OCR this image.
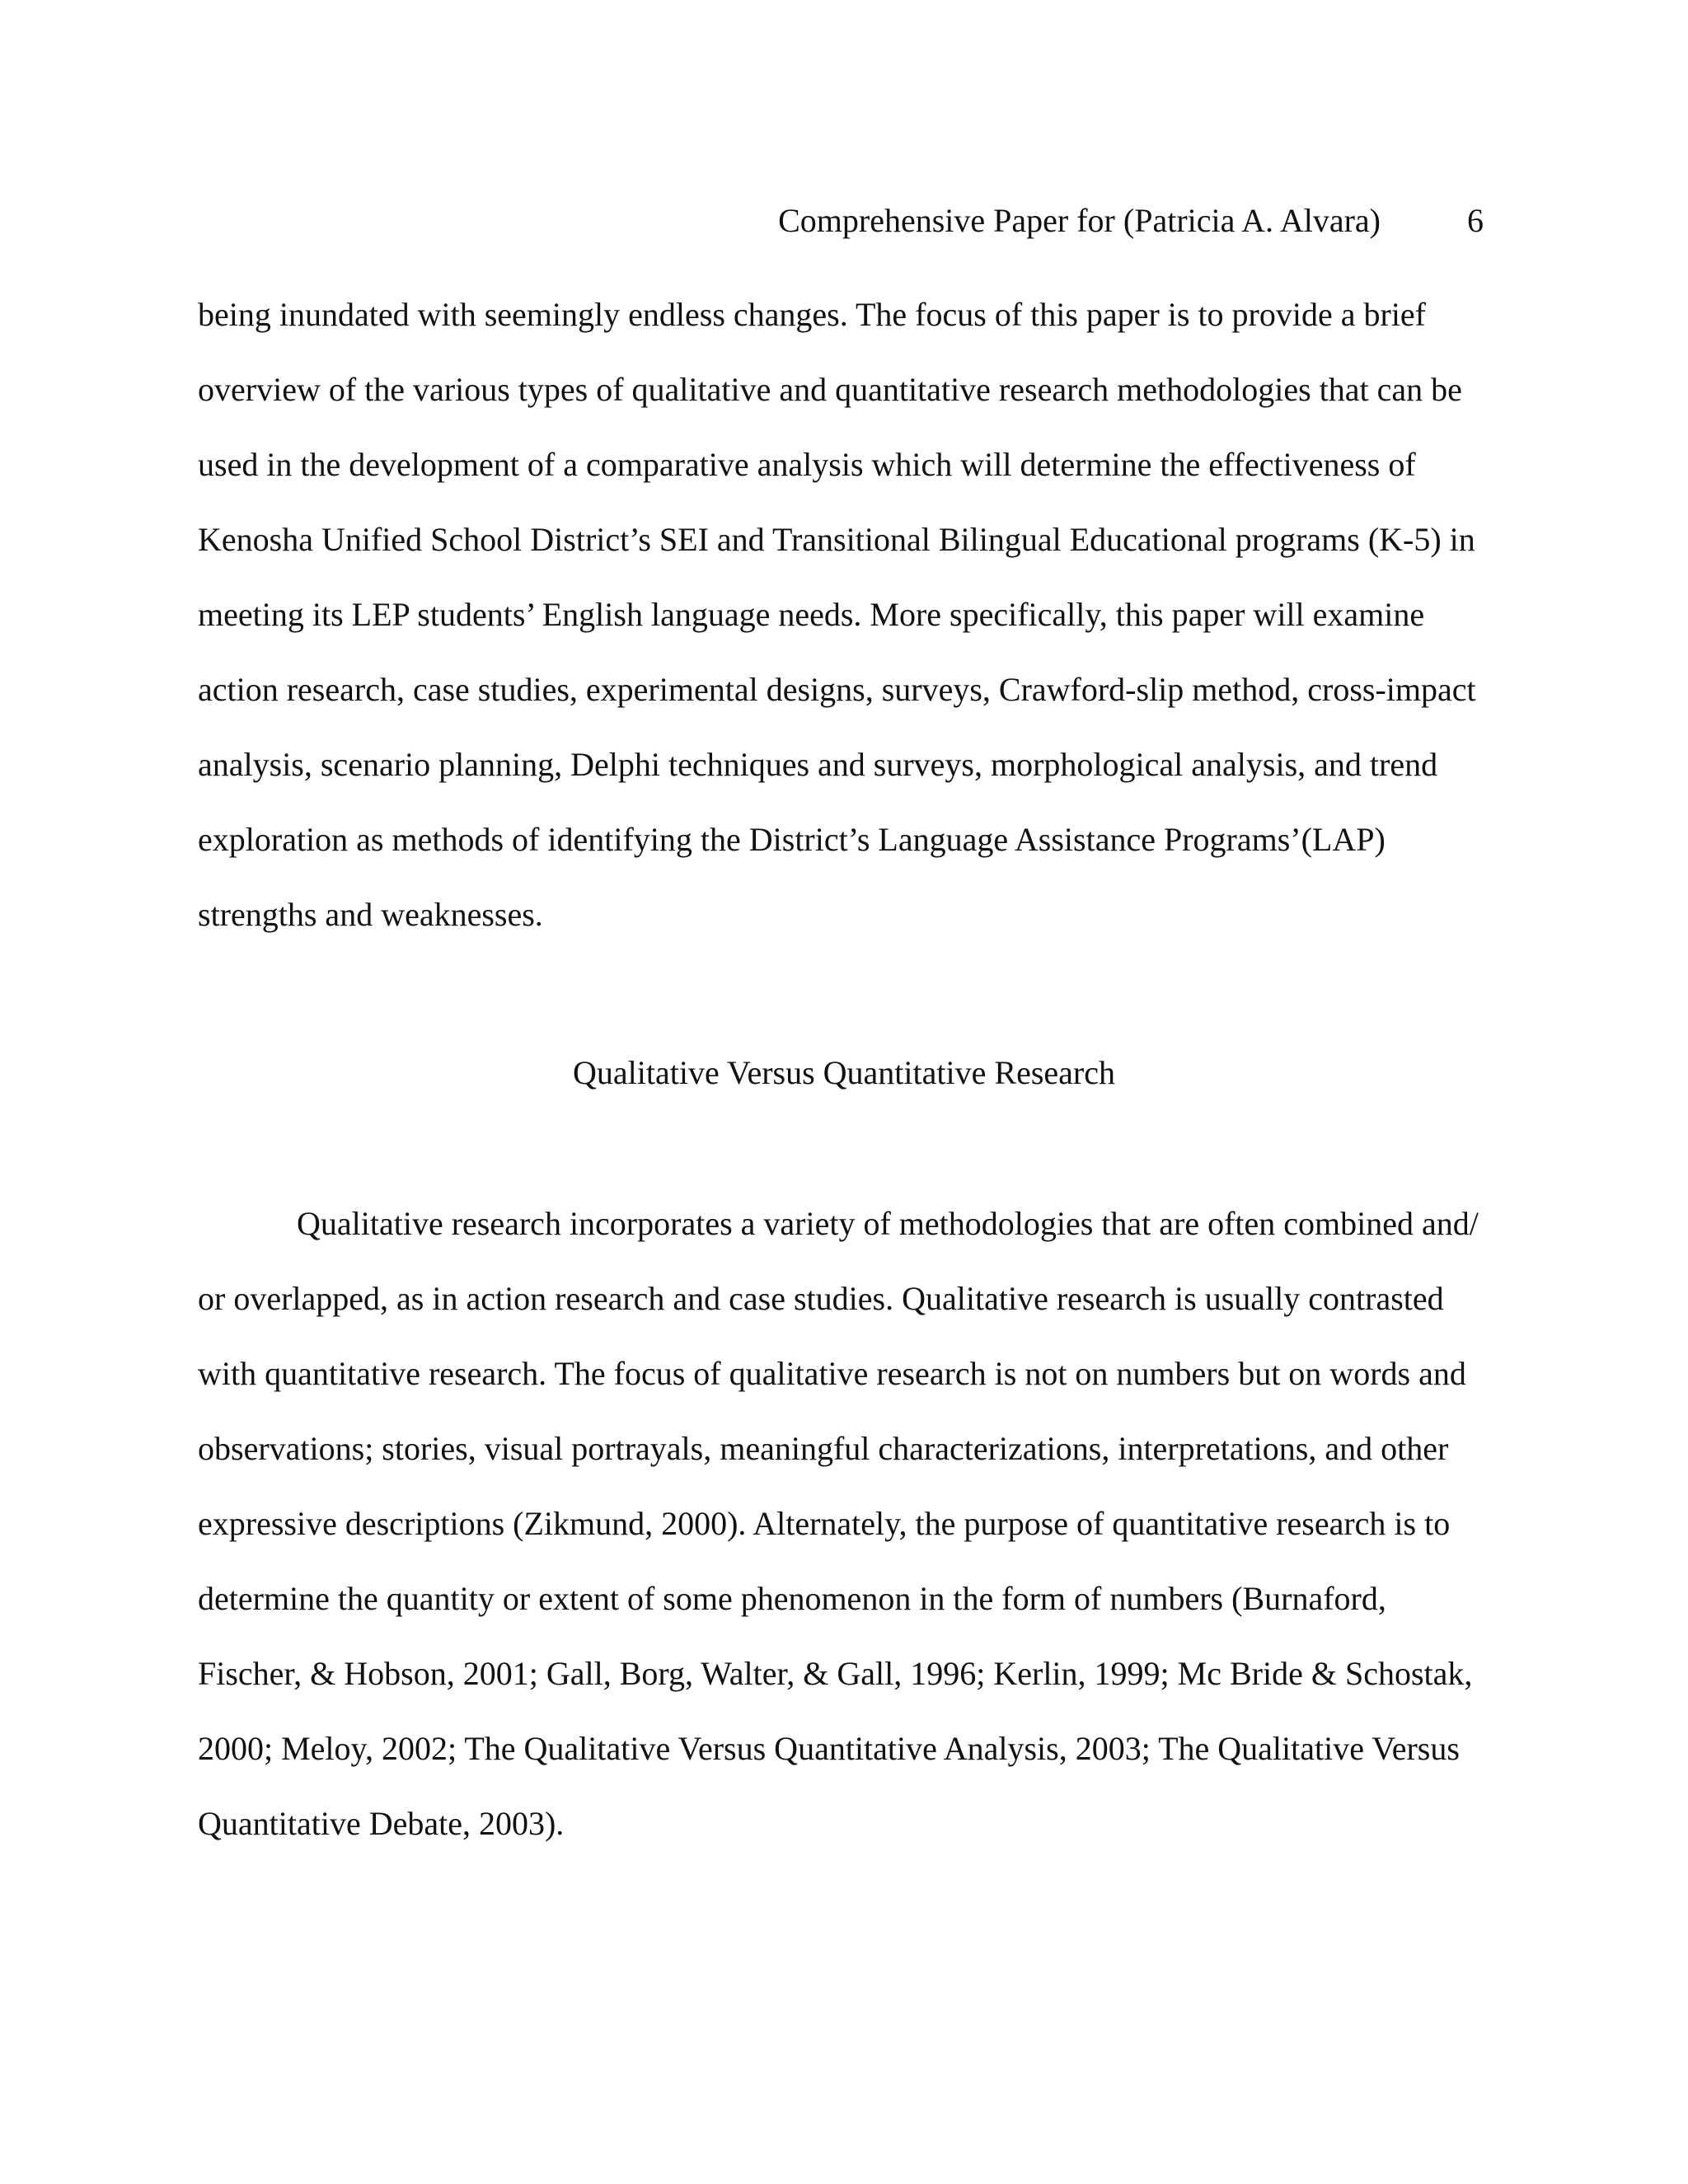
Comprehensive Paper for (Patricia A. Alvara)	6
being inundated with seemingly endless changes. The focus of this paper is to provide a brief
overview of the various types of qualitative and quantitative research methodologies that can be
used in the development of a comparative analysis which will determine the effectiveness of
Kenosha Unified School District’s SEI and Transitional Bilingual Educational programs (K-5) in
meeting its LEP students’ English language needs. More specifically, this paper will examine
action research, case studies, experimental designs, surveys, Crawford-slip method, cross-impact
analysis, scenario planning, Delphi techniques and surveys, morphological analysis, and trend
exploration as methods of identifying the District’s Language Assistance Programs’(LAP)
strengths and weaknesses.
Qualitative Versus Quantitative Research
Qualitative research incorporates a variety of methodologies that are often combined and/
or overlapped, as in action research and case studies. Qualitative research is usually contrasted
with quantitative research. The focus of qualitative research is not on numbers but on words and
observations; stories, visual portrayals, meaningful characterizations, interpretations, and other
expressive descriptions (Zikmund, 2000). Alternately, the purpose of quantitative research is to
determine the quantity or extent of some phenomenon in the form of numbers (Burnaford,
Fischer, & Hobson, 2001; Gall, Borg, Walter, & Gall, 1996; Kerlin, 1999; Mc Bride & Schostak,
2000; Meloy, 2002; The Qualitative Versus Quantitative Analysis, 2003; The Qualitative Versus
Quantitative Debate, 2003).
